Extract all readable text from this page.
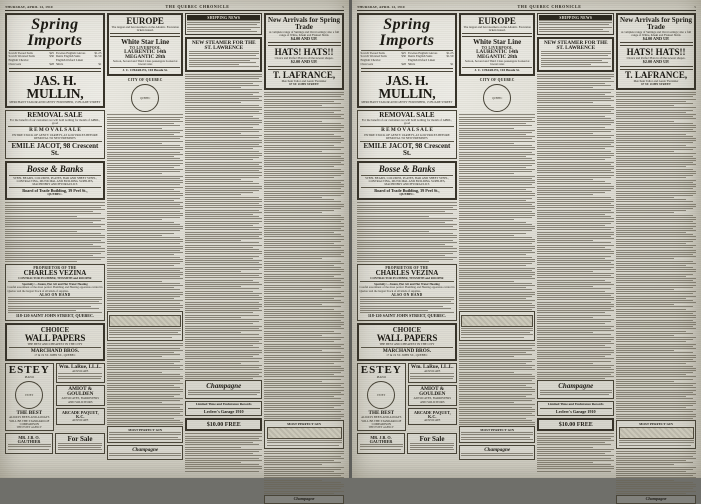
THURSDAY, APRIL 14, 1910	THE QUEBEC CHRONICLE	5
Spring Imports
Scotch Tweed Suits	$25
Scotch Worsted Suits	$30
English Cheviot
Overcoats	$28
Fownes English Gloves	$1.25
Dents English Suits	$1.50
English Oxford Linen
Shirts	$1
JAS. H. MULLIN,
MERCHANT TAILOR AND GENTS' FURNISHER, 15 BUADE STREET
REMOVAL SALE
For the benefit of our customers we will hold nothing for month of APRIL, good
R E M O V A L S A L E
ENTIRE STOCK OF GENTS' VARIETY, AT LOW PRICES BEFORE REMOVAL TO NEW PREMISES
EMILE JACOT, 98 Crescent St.
Bosse & Banks
STEEL BEAMS, COLUMNS, PLATES, BAR AND SHEET STEEL, CONTRACTING, MUNICIPAL AND BUILDING SUPPLIES, MACHINERY AND HYDRAULICS
Board of Trade Building, 39 Peel St.,
QUEBEC.
PROPRIETOR OF THE
CHARLES VEZINA
CONTRACTOR PLUMBER, TINSMITH and ROOFER
Specialty:—Steam, Hot Air and Hot Water Heating
Careful assortment of the most perfect Plumbing and Heating apparatus carried in Quebec and the largest Stock of all kinds of supplies.
ALSO ON HAND
118-120 SAINT JOHN STREET, QUEBEC.
CHOICE
WALL PAPERS
THE BEST AND CHEAPEST IN THE CITY
MARCHAND BROS.
17 & 19 ST. JOHN ST., QUEBEC
ESTEY
PIANO
ESTEY
THE BEST
ALWAYS BEEN AND ALWAYS WILL BE THE STANDARD OF COMPARISON
THE ESTEY AGENCY
Wm. LaRue, LL.L.
ADVOCATE
AMIOT & GOULDEN
ADVOCATES, BARRISTERS AND SOLICITORS
ARCADE PAQUET, K.C.
ADVOCATE
MR. J.B. O. GAUTHIER	For Sale
EUROPE
The largest and best steamers on the Atlantic. Excursion tickets issued.
White Star Line
TO LIVERPOOL
LAURENTIC 14th
MEGANTIC 28th
Saloon, Second and Third Class passengers booked at lowest rates
J. C. CHARLES, 104 Buade St.
CITY OF QUEBEC
QUEBEC
MOST PERFECT GIN
Champagne
SHIPPING NEWS
NEW STEAMER FOR THE ST. LAWRENCE
Champagne
Limited Time and Endurance Records
Leclerc's Garage 1910
$10.00 FREE
New Arrivals for Spring Trade
A complete range of Suitings and Overcoatings; also a full range of White, Khaki and Flannel Shirts
$4.00 AND UP.
HATS! HATS!!
Choice and Perfect Hats in all the newest shapes.
$2.00 AND UP.
T. LAFRANCE,
Merchant Tailor and Gents' Furnisher
67 ST. JOHN STREET
MOST PERFECT GIN
Champagne
THURSDAY, APRIL 14, 1910	THE QUEBEC CHRONICLE	5
Spring Imports
Scotch Tweed Suits	$25
Scotch Worsted Suits	$30
English Cheviot
Overcoats	$28
Fownes English Gloves	$1.25
Dents English Suits	$1.50
English Oxford Linen
Shirts	$1
JAS. H. MULLIN,
MERCHANT TAILOR AND GENTS' FURNISHER, 15 BUADE STREET
REMOVAL SALE
For the benefit of our customers we will hold nothing for month of APRIL, good
R E M O V A L S A L E
ENTIRE STOCK OF GENTS' VARIETY, AT LOW PRICES BEFORE REMOVAL TO NEW PREMISES
EMILE JACOT, 98 Crescent St.
Bosse & Banks
STEEL BEAMS, COLUMNS, PLATES, BAR AND SHEET STEEL, CONTRACTING, MUNICIPAL AND BUILDING SUPPLIES, MACHINERY AND HYDRAULICS
Board of Trade Building, 39 Peel St.,
QUEBEC.
PROPRIETOR OF THE
CHARLES VEZINA
CONTRACTOR PLUMBER, TINSMITH and ROOFER
Specialty:—Steam, Hot Air and Hot Water Heating
Careful assortment of the most perfect Plumbing and Heating apparatus carried in Quebec and the largest Stock of all kinds of supplies.
ALSO ON HAND
118-120 SAINT JOHN STREET, QUEBEC.
CHOICE
WALL PAPERS
THE BEST AND CHEAPEST IN THE CITY
MARCHAND BROS.
17 & 19 ST. JOHN ST., QUEBEC
ESTEY
PIANO
ESTEY
THE BEST
ALWAYS BEEN AND ALWAYS WILL BE THE STANDARD OF COMPARISON
THE ESTEY AGENCY
Wm. LaRue, LL.L.
ADVOCATE
AMIOT & GOULDEN
ADVOCATES, BARRISTERS AND SOLICITORS
ARCADE PAQUET, K.C.
ADVOCATE
MR. J.B. O. GAUTHIER	For Sale
EUROPE
The largest and best steamers on the Atlantic. Excursion tickets issued.
White Star Line
TO LIVERPOOL
LAURENTIC 14th
MEGANTIC 28th
Saloon, Second and Third Class passengers booked at lowest rates
J. C. CHARLES, 104 Buade St.
CITY OF QUEBEC
QUEBEC
MOST PERFECT GIN
Champagne
SHIPPING NEWS
NEW STEAMER FOR THE ST. LAWRENCE
Champagne
Limited Time and Endurance Records
Leclerc's Garage 1910
$10.00 FREE
New Arrivals for Spring Trade
A complete range of Suitings and Overcoatings; also a full range of White, Khaki and Flannel Shirts
$4.00 AND UP.
HATS! HATS!!
Choice and Perfect Hats in all the newest shapes.
$2.00 AND UP.
T. LAFRANCE,
Merchant Tailor and Gents' Furnisher
67 ST. JOHN STREET
MOST PERFECT GIN
Champagne
